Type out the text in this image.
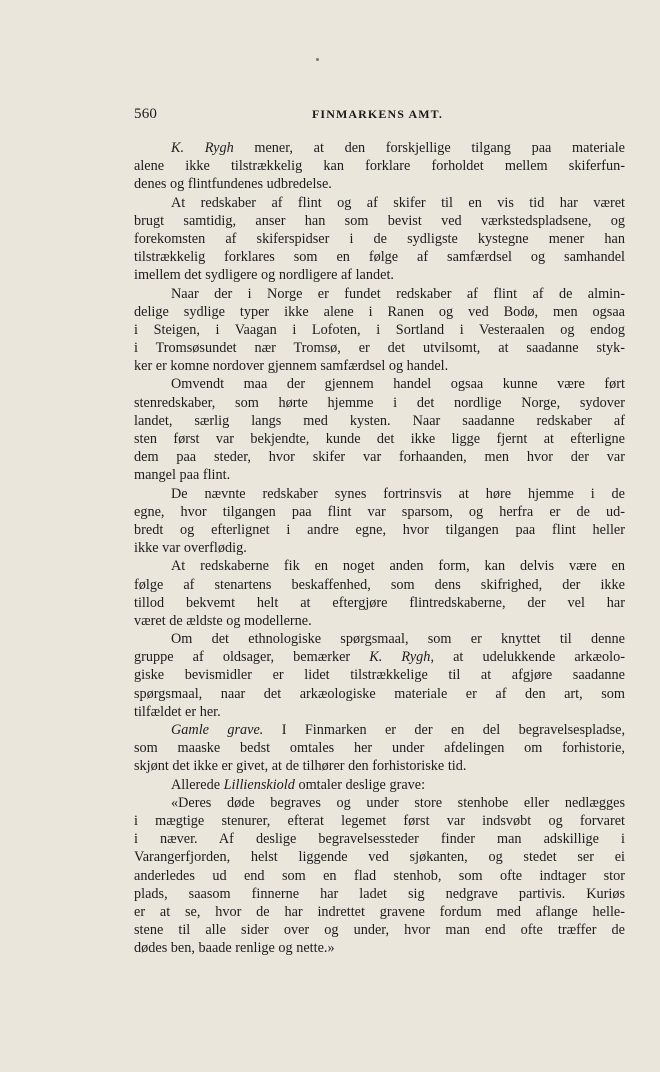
560	FINMARKENS AMT.
K. Rygh mener, at den forskjellige tilgang paa materiale
alene ikke tilstrækkelig kan forklare forholdet mellem skiferfun-
denes og flintfundenes udbredelse.
At redskaber af flint og af skifer til en vis tid har været
brugt samtidig, anser han som bevist ved værkstedspladsene, og
forekomsten af skiferspidser i de sydligste kystegne mener han
tilstrækkelig forklares som en følge af samfærdsel og samhandel
imellem det sydligere og nordligere af landet.
Naar der i Norge er fundet redskaber af flint af de almin-
delige sydlige typer ikke alene i Ranen og ved Bodø, men ogsaa
i Steigen, i Vaagan i Lofoten, i Sortland i Vesteraalen og endog
i Tromsøsundet nær Tromsø, er det utvilsomt, at saadanne styk-
ker er komne nordover gjennem samfærdsel og handel.
Omvendt maa der gjennem handel ogsaa kunne være ført
stenredskaber, som hørte hjemme i det nordlige Norge, sydover
landet, særlig langs med kysten. Naar saadanne redskaber af
sten først var bekjendte, kunde det ikke ligge fjernt at efterligne
dem paa steder, hvor skifer var forhaanden, men hvor der var
mangel paa flint.
De nævnte redskaber synes fortrinsvis at høre hjemme i de
egne, hvor tilgangen paa flint var sparsom, og herfra er de ud-
bredt og efterlignet i andre egne, hvor tilgangen paa flint heller
ikke var overflødig.
At redskaberne fik en noget anden form, kan delvis være en
følge af stenartens beskaffenhed, som dens skifrighed, der ikke
tillod bekvemt helt at eftergjøre flintredskaberne, der vel har
været de ældste og modellerne.
Om det ethnologiske spørgsmaal, som er knyttet til denne
gruppe af oldsager, bemærker K. Rygh, at udelukkende arkæolo-
giske bevismidler er lidet tilstrækkelige til at afgjøre saadanne
spørgsmaal, naar det arkæologiske materiale er af den art, som
tilfældet er her.
Gamle grave. I Finmarken er der en del begravelsespladse,
som maaske bedst omtales her under afdelingen om forhistorie,
skjønt det ikke er givet, at de tilhører den forhistoriske tid.
Allerede Lillienskiold omtaler deslige grave:
«Deres døde begraves og under store stenhobe eller nedlægges
i mægtige stenurer, efterat legemet først var indsvøbt og forvaret
i næver. Af deslige begravelsessteder finder man adskillige i
Varangerfjorden, helst liggende ved sjøkanten, og stedet ser ei
anderledes ud end som en flad stenhob, som ofte indtager stor
plads, saasom finnerne har ladet sig nedgrave partivis. Kuriøs
er at se, hvor de har indrettet gravene fordum med aflange helle-
stene til alle sider over og under, hvor man end ofte træffer de
dødes ben, baade renlige og nette.»
